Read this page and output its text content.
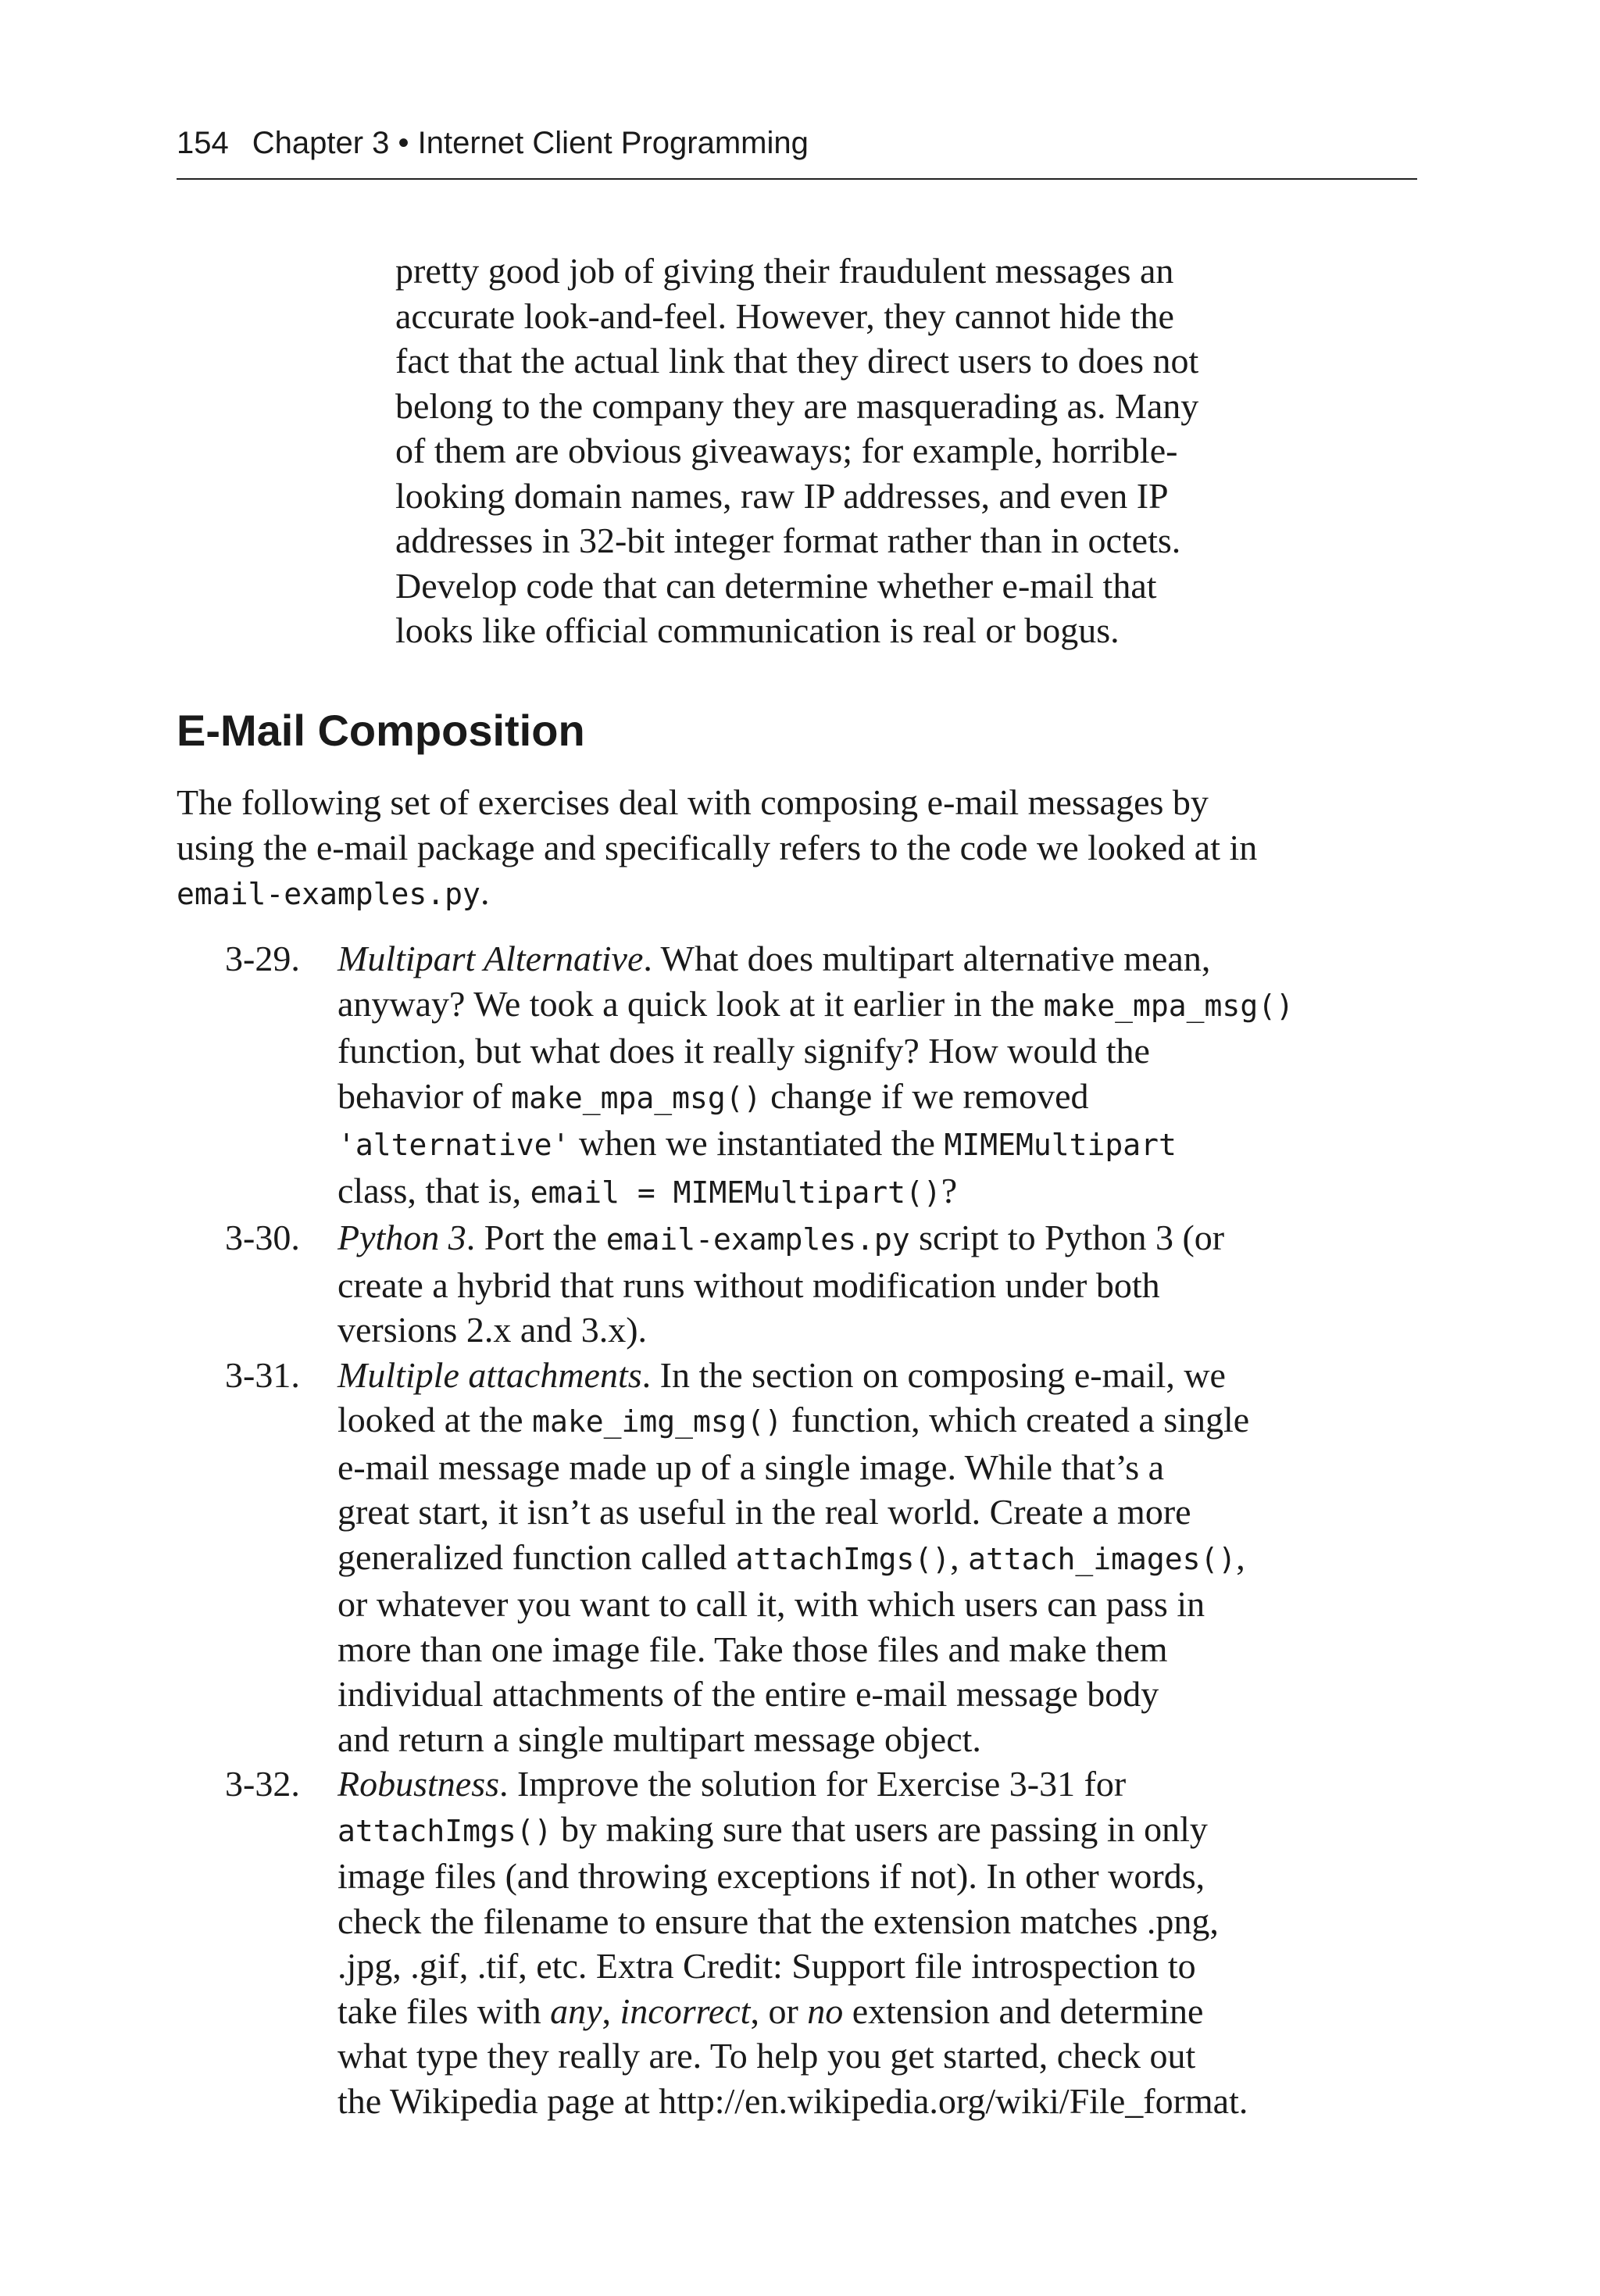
154 Chapter 3 • Internet Client Programming
pretty good job of giving their fraudulent messages an
accurate look-and-feel. However, they cannot hide the
fact that the actual link that they direct users to does not
belong to the company they are masquerading as. Many
of them are obvious giveaways; for example, horrible-
looking domain names, raw IP addresses, and even IP
addresses in 32-bit integer format rather than in octets.
Develop code that can determine whether e-mail that
looks like official communication is real or bogus.
E-Mail Composition
The following set of exercises deal with composing e-mail messages by
using the e-mail package and specifically refers to the code we looked at in
email-examples.py.
3-29. Multipart Alternative. What does multipart alternative mean,
anyway? We took a quick look at it earlier in the make_mpa_msg()
function, but what does it really signify? How would the
behavior of make_mpa_msg() change if we removed
'alternative' when we instantiated the MIMEMultipart
class, that is, email = MIMEMultipart()?
3-30. Python 3. Port the email-examples.py script to Python 3 (or
create a hybrid that runs without modification under both
versions 2.x and 3.x).
3-31. Multiple attachments. In the section on composing e-mail, we
looked at the make_img_msg() function, which created a single
e-mail message made up of a single image. While that’s a
great start, it isn’t as useful in the real world. Create a more
generalized function called attachImgs(), attach_images(),
or whatever you want to call it, with which users can pass in
more than one image file. Take those files and make them
individual attachments of the entire e-mail message body
and return a single multipart message object.
3-32. Robustness. Improve the solution for Exercise 3-31 for
attachImgs() by making sure that users are passing in only
image files (and throwing exceptions if not). In other words,
check the filename to ensure that the extension matches .png,
.jpg, .gif, .tif, etc. Extra Credit: Support file introspection to
take files with any, incorrect, or no extension and determine
what type they really are. To help you get started, check out
the Wikipedia page at http://en.wikipedia.org/wiki/File_format.
